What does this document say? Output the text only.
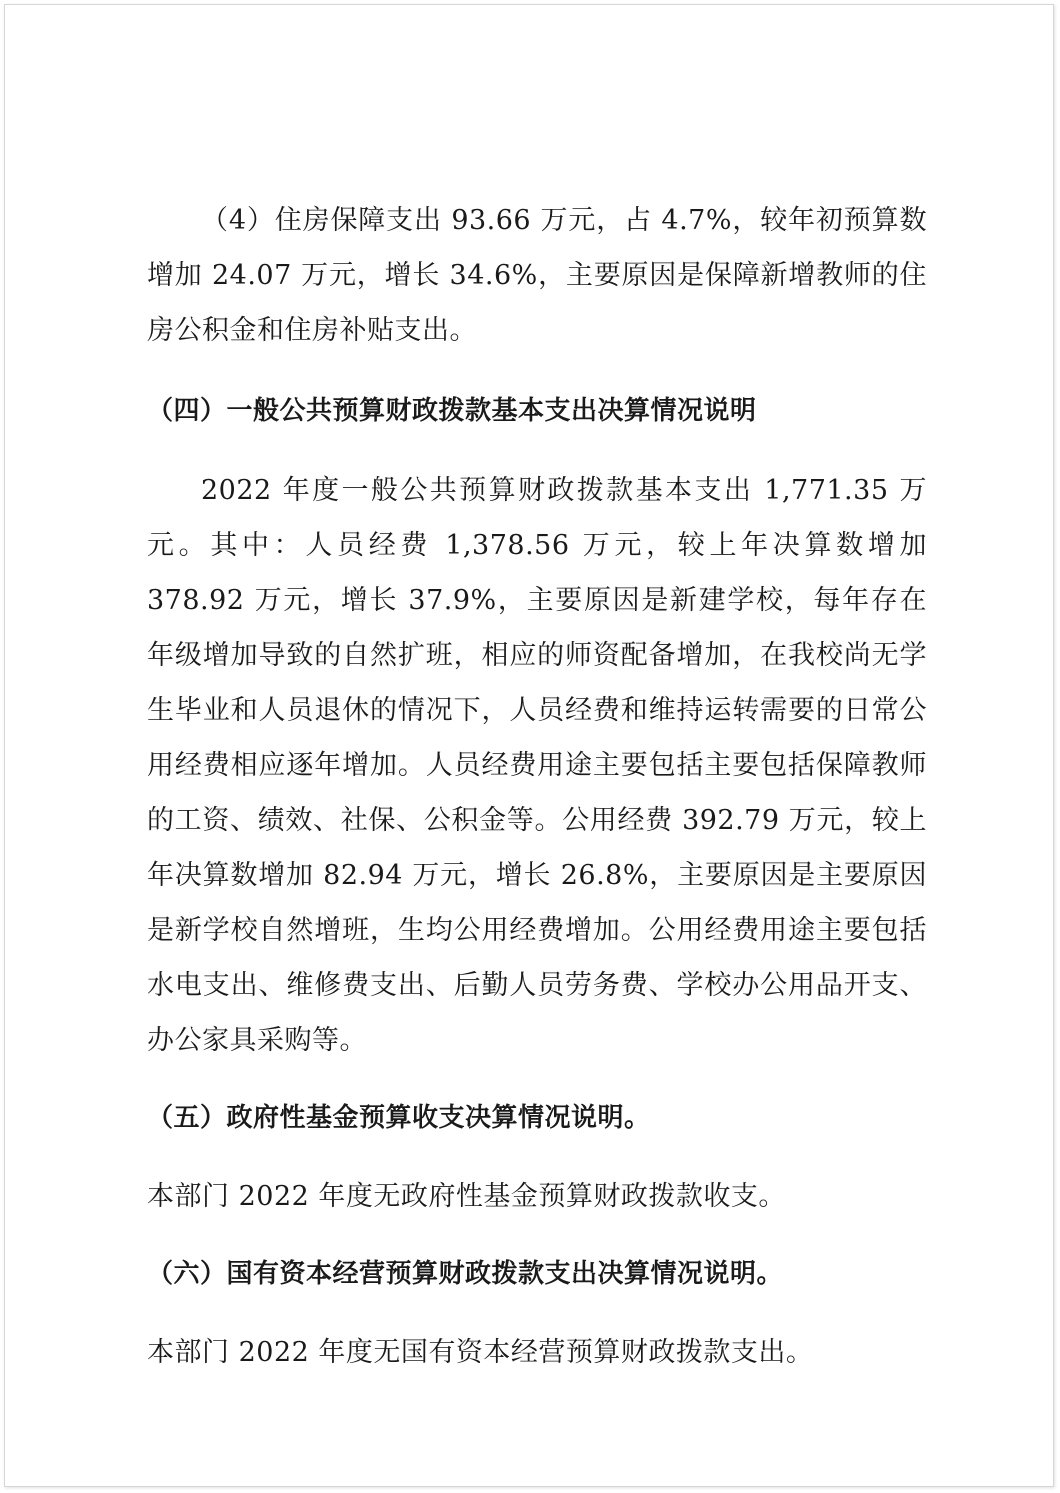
（4）住房保障支出 93.66 万元，占 4.7%，较年初预算数增加 24.07 万元，增长 34.6%，主要原因是保障新增教师的住房公积金和住房补贴支出。

（四）一般公共预算财政拨款基本支出决算情况说明

2022 年度一般公共预算财政拨款基本支出 1,771.35 万元。其中：人员经费 1,378.56 万元，较上年决算数增加 378.92 万元，增长 37.9%，主要原因是新建学校，每年存在年级增加导致的自然扩班，相应的师资配备增加，在我校尚无学生毕业和人员退休的情况下，人员经费和维持运转需要的日常公用经费相应逐年增加。人员经费用途主要包括主要包括保障教师的工资、绩效、社保、公积金等。公用经费 392.79 万元，较上年决算数增加 82.94 万元，增长 26.8%，主要原因是主要原因是新学校自然增班，生均公用经费增加。公用经费用途主要包括水电支出、维修费支出、后勤人员劳务费、学校办公用品开支、办公家具采购等。

（五）政府性基金预算收支决算情况说明。

本部门 2022 年度无政府性基金预算财政拨款收支。

（六）国有资本经营预算财政拨款支出决算情况说明。

本部门 2022 年度无国有资本经营预算财政拨款支出。
